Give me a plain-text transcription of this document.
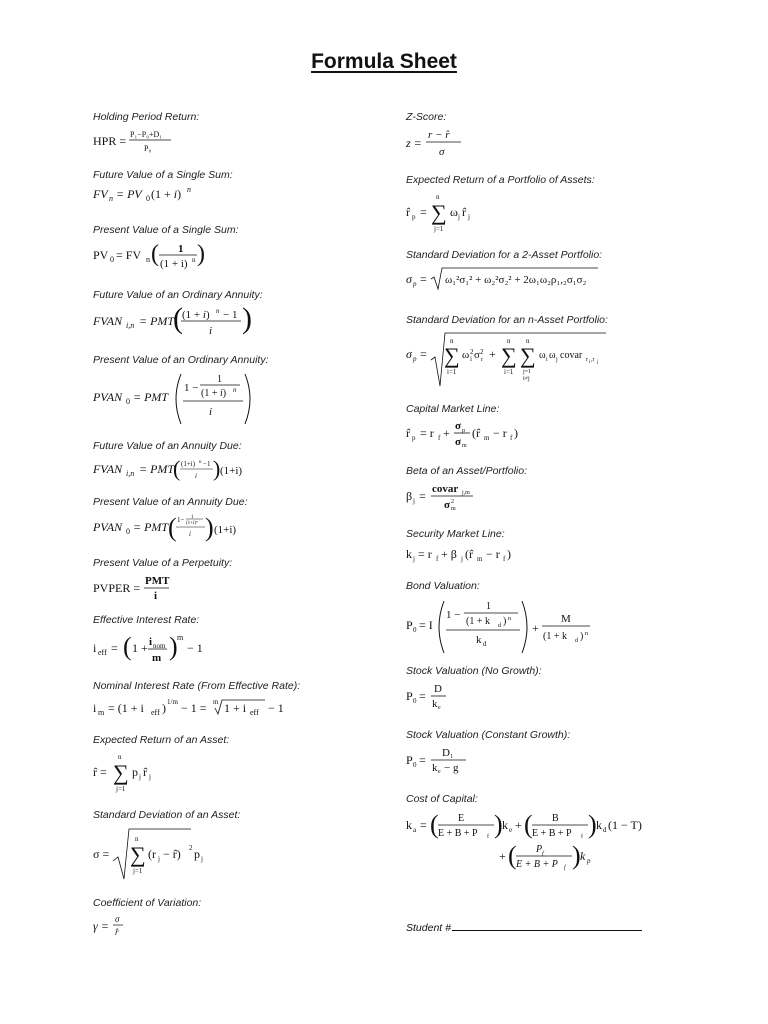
Formula Sheet
Holding Period Return:
HPR = P₁−P₀+D₁
P₀
Future Value of a Single Sum:
FV n = PV 0 (1 + i) n
Present Value of a Single Sum:
PV 0 = FV n ( 1
(1 + i) n )
Future Value of an Ordinary Annuity:
FVAN i,n = PMT
( (1 + i) n − 1
i )
Present Value of an Ordinary Annuity:
PVAN 0 = PMT
1 −
1
(1 + i) n
i
Future Value of an Annuity Due:
FVAN i,n = PMT
( (1+i) n −1
i ) (1+i)
Present Value of an Annuity Due:
PVAN 0 = PMT ( 1− 1
(1+i)ⁿ
i ) (1+i)
Present Value of a Perpetuity:
PVPER = PMT
i
Effective Interest Rate:
i eff = ( 1 + i nom
m ) m
− 1
Nominal Interest Rate (From Effective Rate):
i m = (1 + i eff ) 1/m − 1 = m 1 + i eff − 1
Expected Return of an Asset:
r̂ =
n
∑
j=1
p j r̂ j
Standard Deviation of an Asset:
σ =
n
∑
j=1
(r j − r̂) 2 p j
Coefficient of Variation:
γ = σ
r̂
Z-Score:
z =
r − r̂
σ
Expected Return of a Portfolio of Assets:
r̂ p =
n
∑
j=1
ω j r̂ j
Standard Deviation for a 2-Asset Portfolio:
σ p = ω₁²σ₁² + ω₂²σ₂² + 2ω₁ω₂ρ₁,₂σ₁σ₂
Standard Deviation for an n-Asset Portfolio:
σ p =
n
∑
i=1
ω i
2 σ r
2 +
n
∑
i=1
n
∑
j=1
i≠j
ω i ω j covar r i ,r j
Capital Market Line:
r̂ p = r f + σ p
σ m
(r̂ m − r f )
Beta of an Asset/Portfolio:
β j = covar j,m
σ m
2
Security Market Line:
k j = r f + β j (r̂ m − r f )
Bond Valuation:
P 0 = I
1 −
1
(1 + k d ) n
k d
+
M
(1 + k d ) n
Stock Valuation (No Growth):
P 0 = D
k e
Stock Valuation (Constant Growth):
P 0 = D 1
k e − g
Cost of Capital:
k a = ( E
E + B + P f ) k e + ( B
E + B + P f ) k d (1 − T)
+ ( P f
E + B + P f ) k p
Student #
